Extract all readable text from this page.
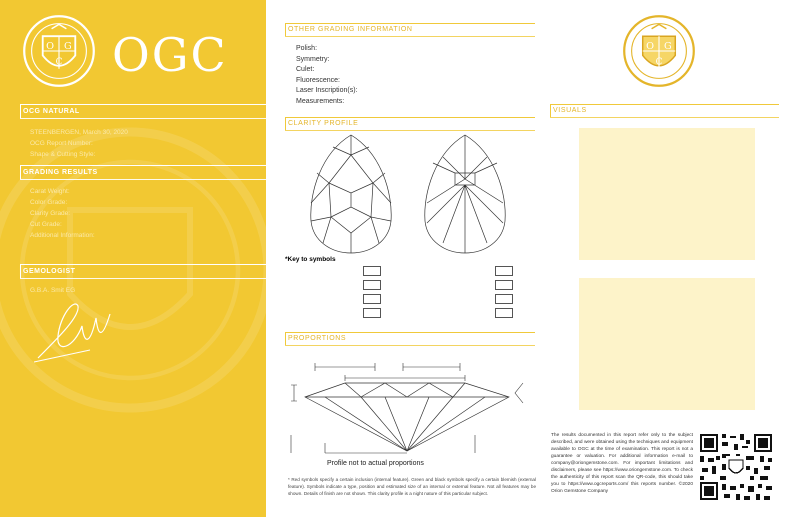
O G
C OGC
OCG NATURAL
STEENBERGEN, March 30, 2020
OCG Report Number:
Shape & Cutting Style:
GRADING RESULTS
Carat Weight:
Color Grade:
Clarity Grade:
Cut Grade:
Additional Information:
GEMOLOGIST
G.B.A. Smit EG
OTHER GRADING INFORMATION
Polish:
Symmetry:
Culet:
Fluorescence:
Laser Inscription(s):
Measurements:
CLARITY PROFILE
*Key to symbols
PROPORTIONS
Profile not to actual proportions
* Red symbols specify a certain inclusion (internal feature). Green and black symbols specify a certain blemish (external feature). Symbols indicate a type, position and estimated size of an internal or external feature. Not all features may be shown. Details of finish are not shown. This clarity profile is a night nature of this particular subject.
O G
C
VISUALS
The results documented in this report refer only to the subject described, and were obtained using the techniques and equipment available to OGC at the time of examination. This report is not a guarantee or valuation. For additional information e-mail to company@oriongemstone.com. For important limitations and disclaimers, please see https://www.oriongemstone.com. To check the authenticity of this report scan the QR-code, this should take you to https://www.ogcreports.com/ this reports number. ©2020 Orion Gemstone Company
